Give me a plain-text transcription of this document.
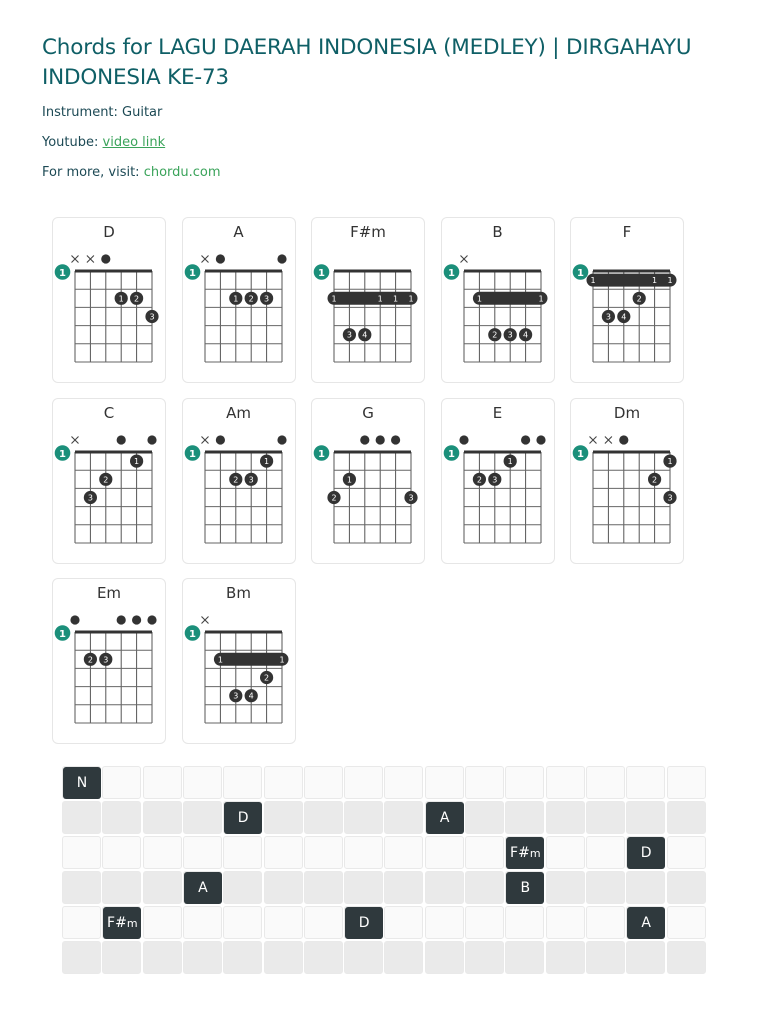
Chords for LAGU DAERAH INDONESIA (MEDLEY) | DIRGAHAYU INDONESIA KE-73
Instrument: Guitar
Youtube: video link
For more, visit: chordu.com
D
1
1 2
3
A
1
1 2 3
F#m
1
1	1 1 1
3 4
B
1
1	1
2 3 4
F
1
1	1 1
2
3 4
C
1
1
2
3
Am
1
1
2 3
G
1
1
2	3
E
1
1
2 3
Dm
1
1
2
3
Em
1
2 3
Bm
1
1	1
2
3 4
N
D	A
F#m	D
A	B
F#m	D	A
